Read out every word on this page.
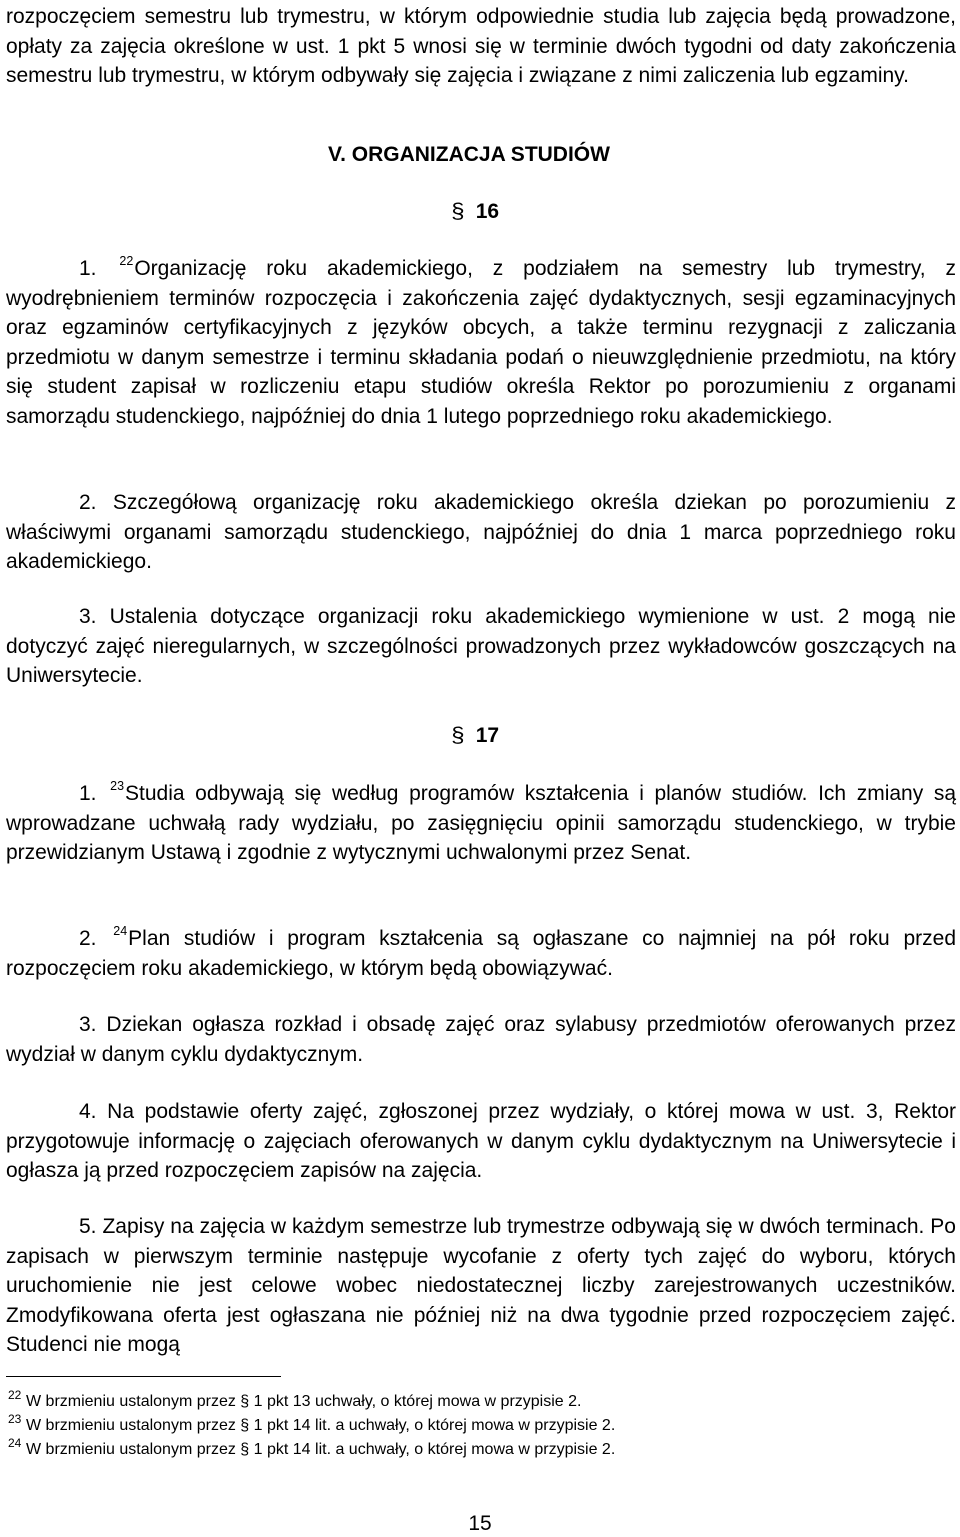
rozpoczęciem semestru lub trymestru, w którym odpowiednie studia lub zajęcia będą prowadzone, opłaty za zajęcia określone w ust. 1 pkt 5 wnosi się w terminie dwóch tygodni od daty zakończenia semestru lub trymestru, w którym odbywały się zajęcia i związane z nimi zaliczenia lub egzaminy.

V. ORGANIZACJA STUDIÓW
§ 16

1. $^{22}$Organizację roku akademickiego, z podziałem na semestry lub trymestry, z wyodrębnieniem terminów rozpoczęcia i zakończenia zajęć dydaktycznych, sesji egzaminacyjnych oraz egzaminów certyfikacyjnych z języków obcych, a także terminu rezygnacji z zaliczania przedmiotu w danym semestrze i terminu składania podań o nieuwzględnienie przedmiotu, na który się student zapisał w rozliczeniu etapu studiów określa Rektor po porozumieniu z organami samorządu studenckiego, najpóźniej do dnia 1 lutego poprzedniego roku akademickiego.

2. Szczegółową organizację roku akademickiego określa dziekan po porozumieniu z właściwymi organami samorządu studenckiego, najpóźniej do dnia 1 marca poprzedniego roku akademickiego.

3. Ustalenia dotyczące organizacji roku akademickiego wymienione w ust. 2 mogą nie dotyczyć zajęć nieregularnych, w szczególności prowadzonych przez wykładowców goszczących na Uniwersytecie.

§ 17

1. $^{23}$Studia odbywają się według programów kształcenia i planów studiów. Ich zmiany są wprowadzane uchwałą rady wydziału, po zasięgnięciu opinii samorządu studenckiego, w trybie przewidzianym Ustawą i zgodnie z wytycznymi uchwalonymi przez Senat.

2. $^{24}$Plan studiów i program kształcenia są ogłaszane co najmniej na pół roku przed rozpoczęciem roku akademickiego, w którym będą obowiązywać.

3. Dziekan ogłasza rozkład i obsadę zajęć oraz sylabusy przedmiotów oferowanych przez wydział w danym cyklu dydaktycznym.

4. Na podstawie oferty zajęć, zgłoszonej przez wydziały, o której mowa w ust. 3, Rektor przygotowuje informację o zajęciach oferowanych w danym cyklu dydaktycznym na Uniwersytecie i ogłasza ją przed rozpoczęciem zapisów na zajęcia.

5. Zapisy na zajęcia w każdym semestrze lub trymestrze odbywają się w dwóch terminach. Po zapisach w pierwszym terminie następuje wycofanie z oferty tych zajęć do wyboru, których uruchomienie nie jest celowe wobec niedostatecznej liczby zarejestrowanych uczestników. Zmodyfikowana oferta jest ogłaszana nie później niż na dwa tygodnie przed rozpoczęciem zajęć. Studenci nie mogą

22 W brzmieniu ustalonym przez § 1 pkt 13 uchwały, o której mowa w przypisie 2.
23 W brzmieniu ustalonym przez § 1 pkt 14 lit. a uchwały, o której mowa w przypisie 2.
24 W brzmieniu ustalonym przez § 1 pkt 14 lit. a uchwały, o której mowa w przypisie 2.
15
